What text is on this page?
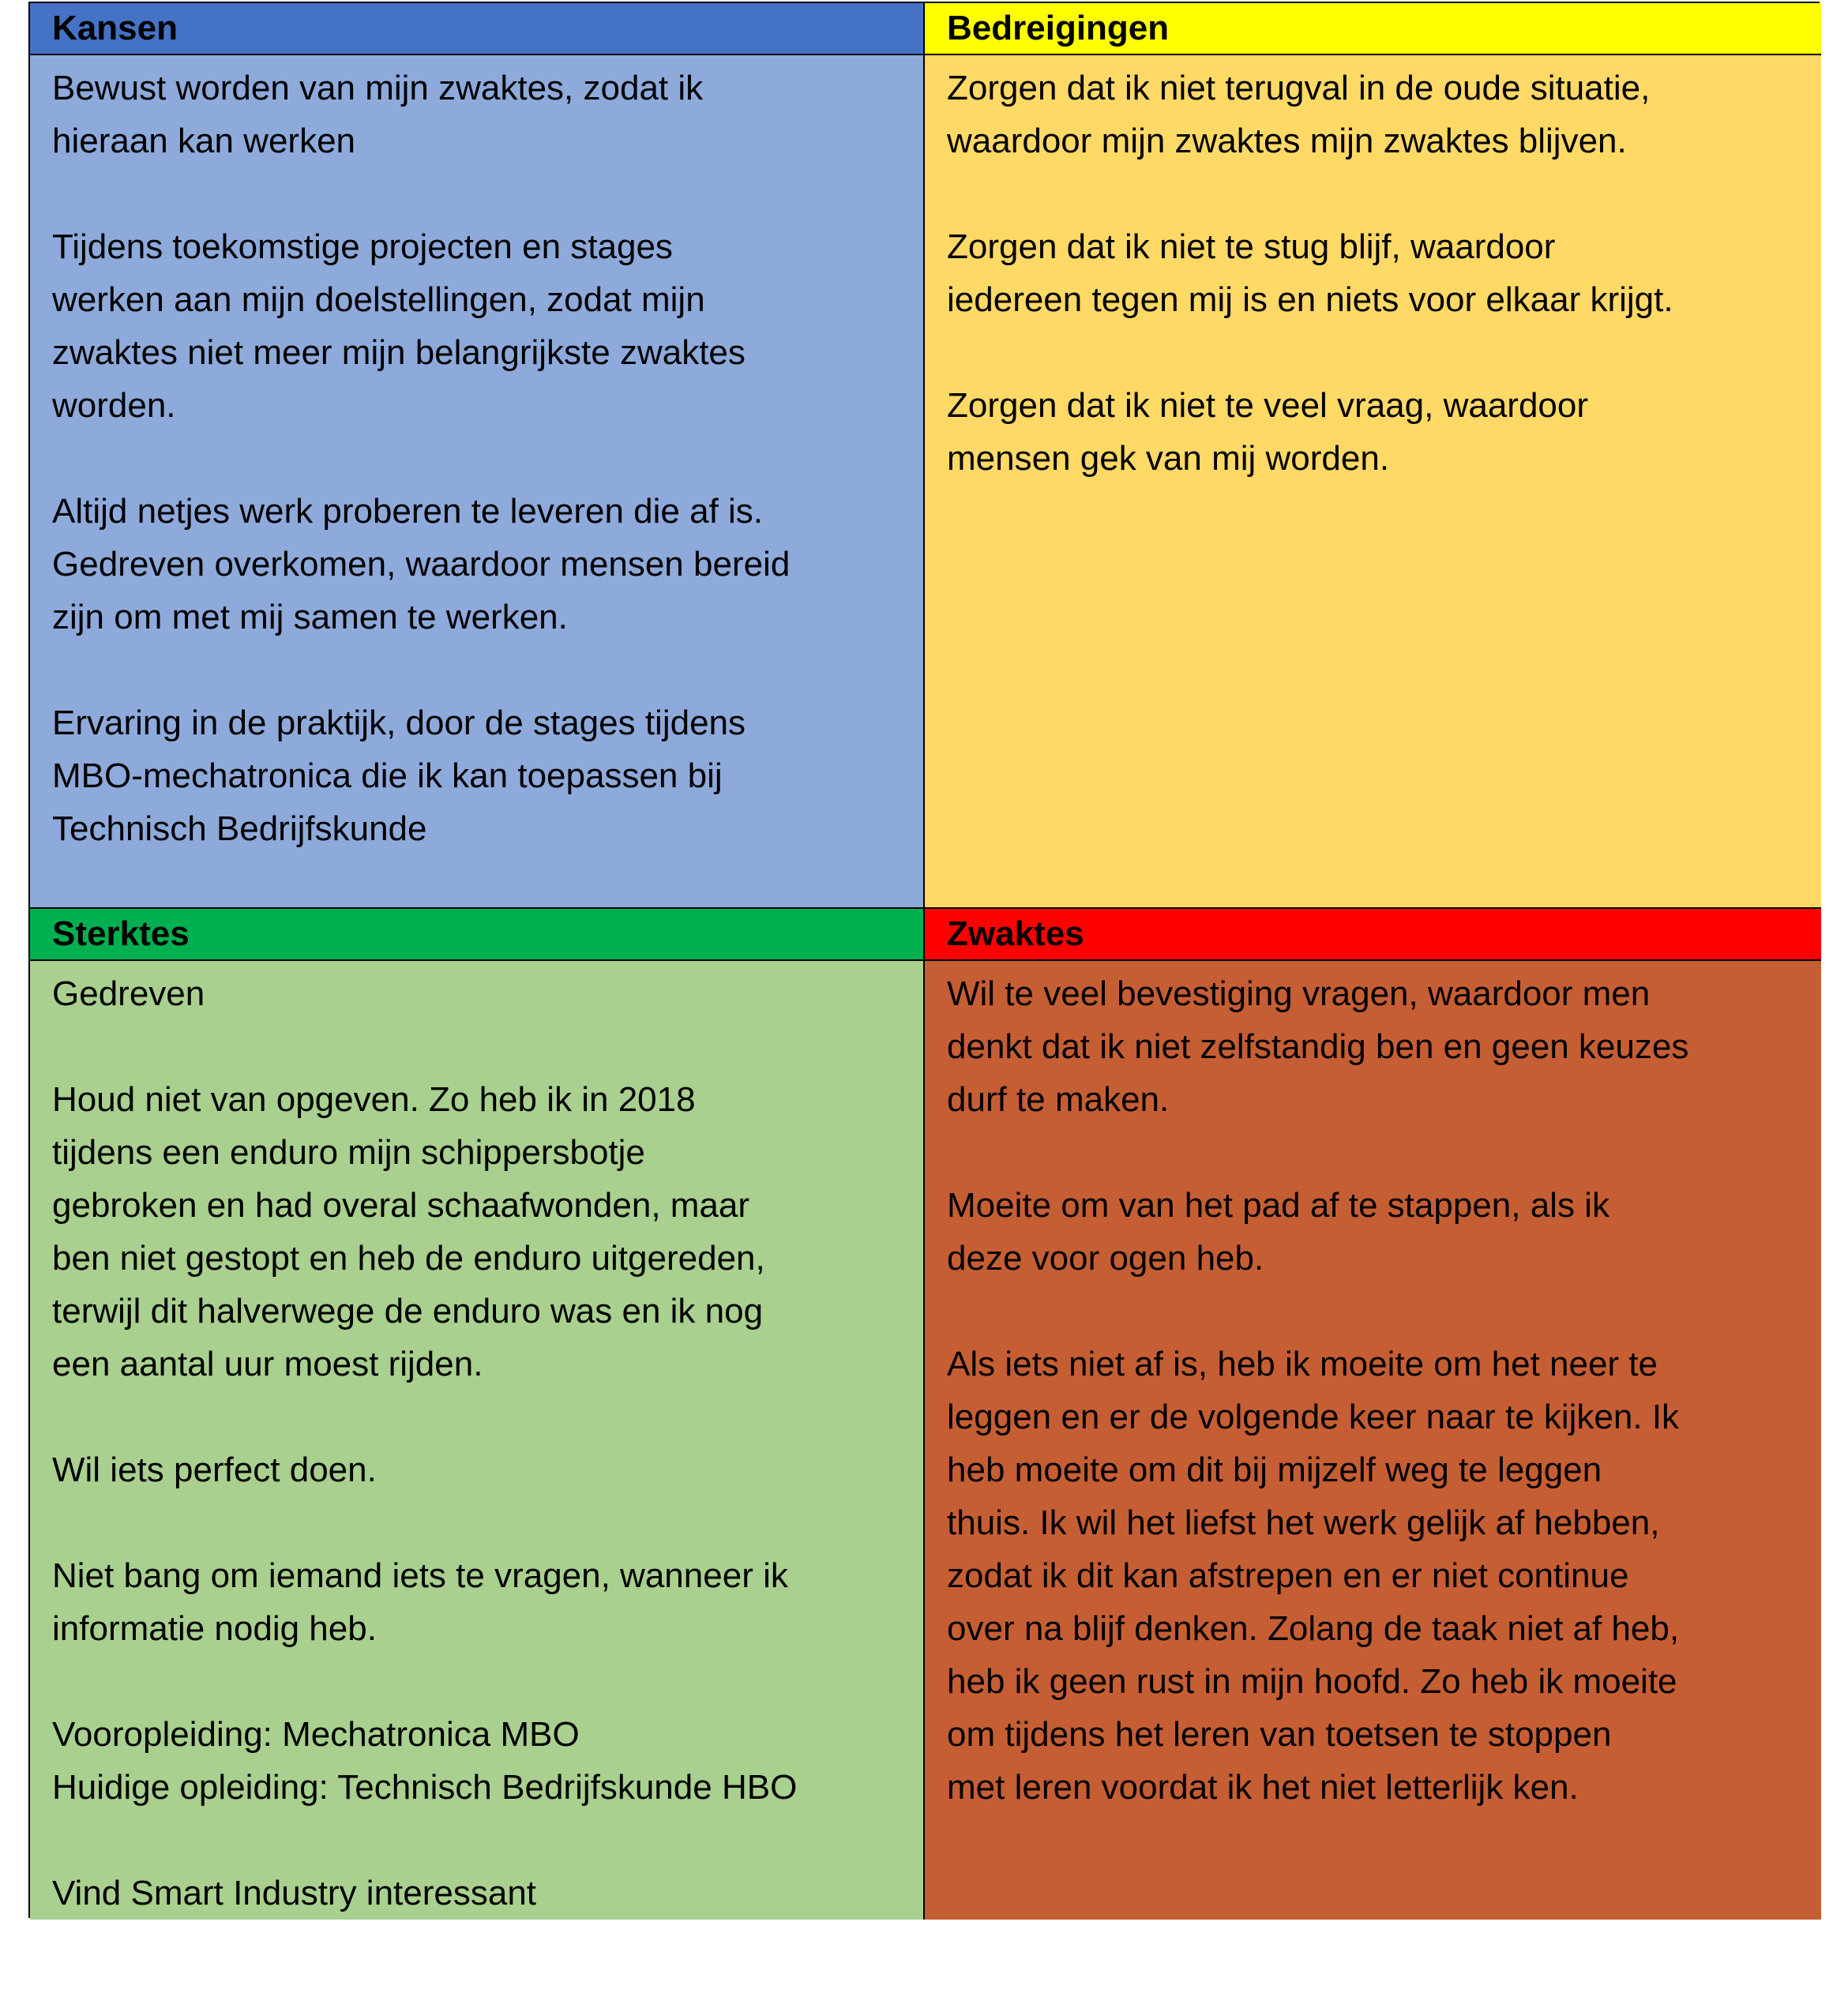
Kansen

Bewust worden van mijn zwaktes, zodat ik
hieraan kan werken

Tijdens toekomstige projecten en stages
werken aan mijn doelstellingen, zodat mijn
zwaktes niet meer mijn belangrijkste zwaktes
worden.

Altijd netjes werk proberen te leveren die af is.
Gedreven overkomen, waardoor mensen bereid
zijn om met mij samen te werken.

Ervaring in de praktijk, door de stages tijdens
MBO-mechatronica die ik kan toepassen bij
Technisch Bedrijfskunde

Bedreigingen

Zorgen dat ik niet terugval in de oude situatie,
waardoor mijn zwaktes mijn zwaktes blijven.

Zorgen dat ik niet te stug blijf, waardoor
iedereen tegen mij is en niets voor elkaar krijgt.

Zorgen dat ik niet te veel vraag, waardoor
mensen gek van mij worden.

Sterktes

Gedreven

Houd niet van opgeven. Zo heb ik in 2018
tijdens een enduro mijn schippersbotje
gebroken en had overal schaafwonden, maar
ben niet gestopt en heb de enduro uitgereden,
terwijl dit halverwege de enduro was en ik nog
een aantal uur moest rijden.

Wil iets perfect doen.

Niet bang om iemand iets te vragen, wanneer ik
informatie nodig heb.

Vooropleiding: Mechatronica MBO
Huidige opleiding: Technisch Bedrijfskunde HBO

Vind Smart Industry interessant

Zwaktes

Wil te veel bevestiging vragen, waardoor men
denkt dat ik niet zelfstandig ben en geen keuzes
durf te maken.

Moeite om van het pad af te stappen, als ik
deze voor ogen heb.

Als iets niet af is, heb ik moeite om het neer te
leggen en er de volgende keer naar te kijken. Ik
heb moeite om dit bij mijzelf weg te leggen
thuis. Ik wil het liefst het werk gelijk af hebben,
zodat ik dit kan afstrepen en er niet continue
over na blijf denken. Zolang de taak niet af heb,
heb ik geen rust in mijn hoofd. Zo heb ik moeite
om tijdens het leren van toetsen te stoppen
met leren voordat ik het niet letterlijk ken.
